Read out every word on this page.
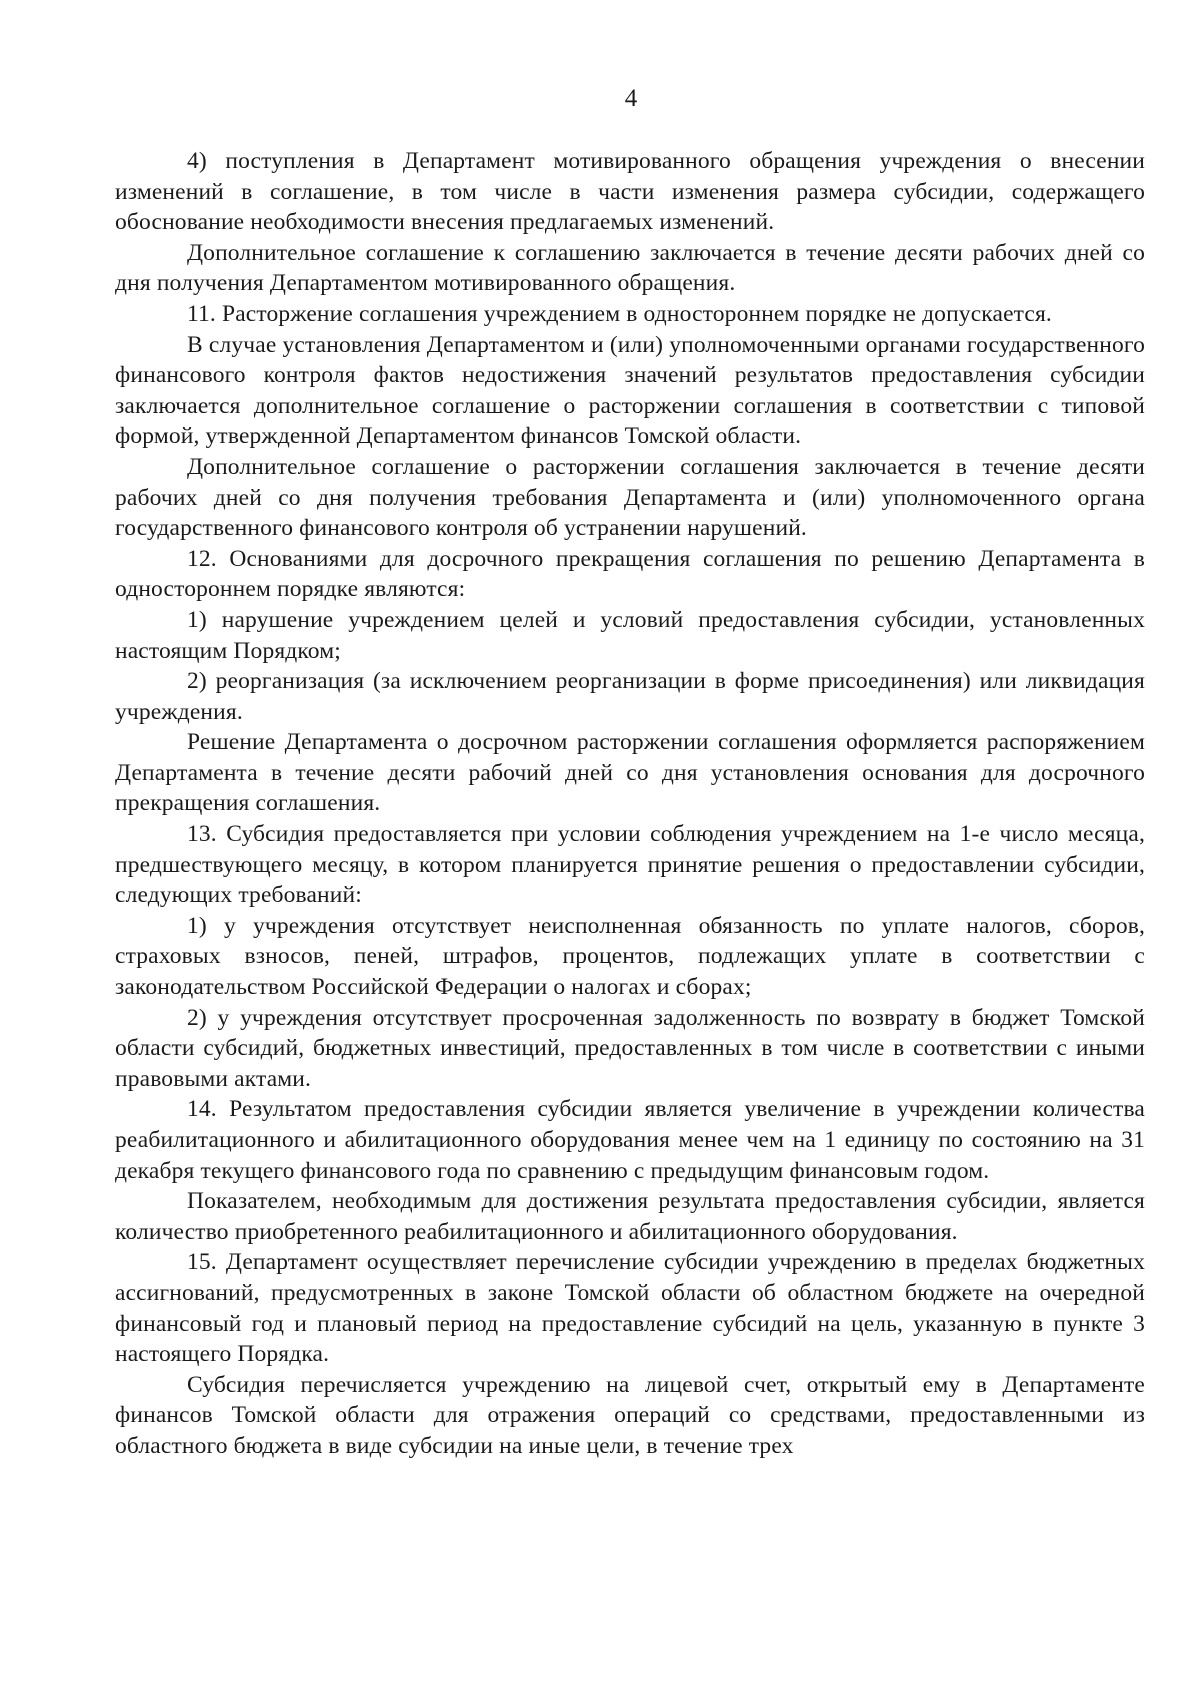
4

4) поступления в Департамент мотивированного обращения учреждения о внесении изменений в соглашение, в том числе в части изменения размера субсидии, содержащего обоснование необходимости внесения предлагаемых изменений.

Дополнительное соглашение к соглашению заключается в течение десяти рабочих дней со дня получения Департаментом мотивированного обращения.

11. Расторжение соглашения учреждением в одностороннем порядке не допускается.

В случае установления Департаментом и (или) уполномоченными органами государственного финансового контроля фактов недостижения значений результатов предоставления субсидии заключается дополнительное соглашение о расторжении соглашения в соответствии с типовой формой, утвержденной Департаментом финансов Томской области.

Дополнительное соглашение о расторжении соглашения заключается в течение десяти рабочих дней со дня получения требования Департамента и (или) уполномоченного органа государственного финансового контроля об устранении нарушений.

12. Основаниями для досрочного прекращения соглашения по решению Департамента в одностороннем порядке являются:

1) нарушение учреждением целей и условий предоставления субсидии, установленных настоящим Порядком;

2) реорганизация (за исключением реорганизации в форме присоединения) или ликвидация учреждения.

Решение Департамента о досрочном расторжении соглашения оформляется распоряжением Департамента в течение десяти рабочий дней со дня установления основания для досрочного прекращения соглашения.

13. Субсидия предоставляется при условии соблюдения учреждением на 1-е число месяца, предшествующего месяцу, в котором планируется принятие решения о предоставлении субсидии, следующих требований:

1) у учреждения отсутствует неисполненная обязанность по уплате налогов, сборов, страховых взносов, пеней, штрафов, процентов, подлежащих уплате в соответствии с законодательством Российской Федерации о налогах и сборах;

2) у учреждения отсутствует просроченная задолженность по возврату в бюджет Томской области субсидий, бюджетных инвестиций, предоставленных в том числе в соответствии с иными правовыми актами.

14. Результатом предоставления субсидии является увеличение в учреждении количества реабилитационного и абилитационного оборудования менее чем на 1 единицу по состоянию на 31 декабря текущего финансового года по сравнению с предыдущим финансовым годом.

Показателем, необходимым для достижения результата предоставления субсидии, является количество приобретенного реабилитационного и абилитационного оборудования.

15. Департамент осуществляет перечисление субсидии учреждению в пределах бюджетных ассигнований, предусмотренных в законе Томской области об областном бюджете на очередной финансовый год и плановый период на предоставление субсидий на цель, указанную в пункте 3 настоящего Порядка.

Субсидия перечисляется учреждению на лицевой счет, открытый ему в Департаменте финансов Томской области для отражения операций со средствами, предоставленными из областного бюджета в виде субсидии на иные цели, в течение трех
